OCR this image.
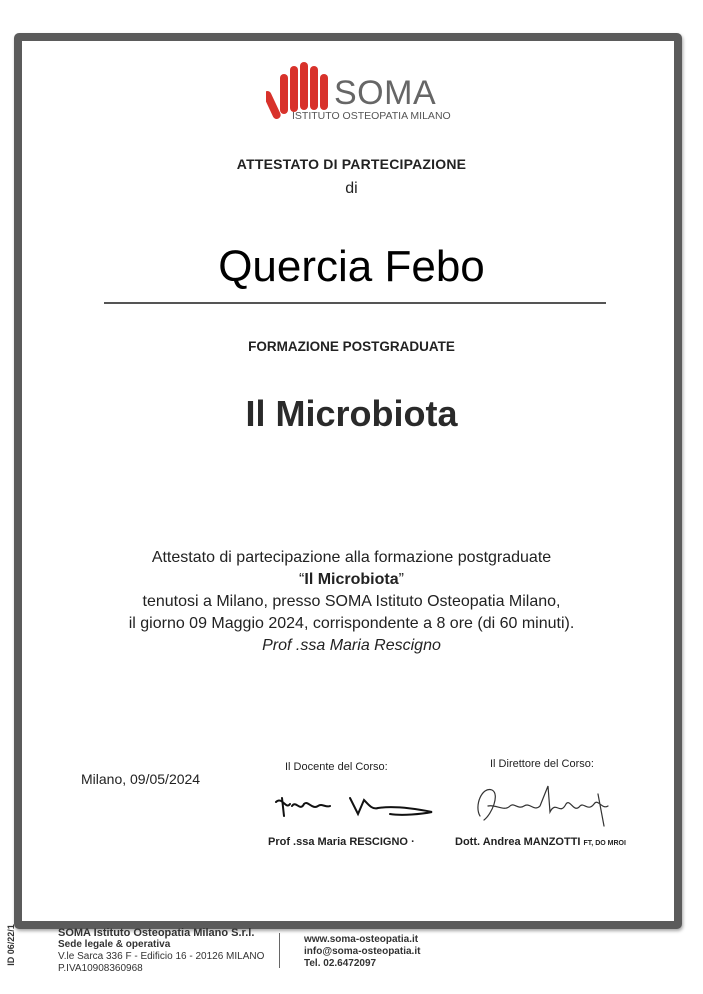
SOMA
ISTITUTO OSTEOPATIA MILANO
ATTESTATO DI PARTECIPAZIONE
di
Quercia Febo
FORMAZIONE POSTGRADUATE
Il Microbiota
Attestato di partecipazione alla formazione postgraduate
“Il Microbiota”
tenutosi a Milano, presso SOMA Istituto Osteopatia Milano,
il giorno 09 Maggio 2024, corrispondente a 8 ore (di 60 minuti).
Prof .ssa Maria Rescigno
Milano, 09/05/2024
Il Docente del Corso:
Prof .ssa Maria RESCIGNO ·
Il Direttore del Corso:
Dott. Andrea MANZOTTI FT, DO MROI
ID 06/22/1	SOMA Istituto Osteopatia Milano S.r.l.
Sede legale & operativa
V.le Sarca 336 F - Edificio 16 - 20126 MILANO
P.IVA10908360968
www.soma-osteopatia.it
info@soma-osteopatia.it
Tel. 02.6472097
